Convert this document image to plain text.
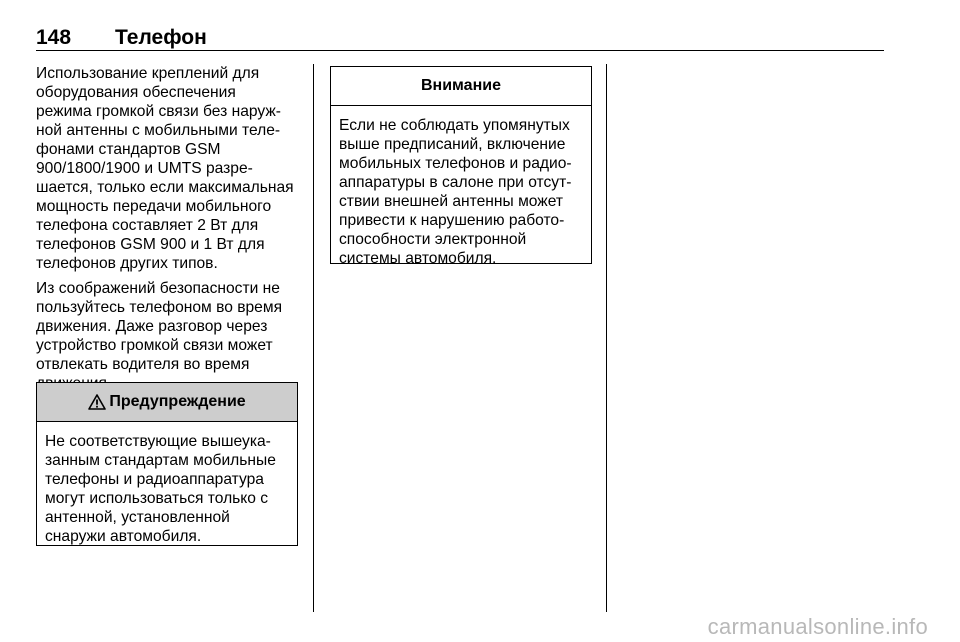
148 Телефон

Использование креплений для
оборудования обеспечения
режима громкой связи без наруж-
ной антенны с мобильными теле-
фонами стандартов GSM
900/1800/1900 и UMTS разре-
шается, только если максимальная
мощность передачи мобильного
телефона составляет 2 Вт для
телефонов GSM 900 и 1 Вт для
телефонов других типов.

Из соображений безопасности не
пользуйтесь телефоном во время
движения. Даже разговор через
устройство громкой связи может
отвлекать водителя во время

Предупреждение
Не соответствующие вышеука-
занным стандартам мобильные
телефоны и радиоаппаратура
могут использоваться только с
антенной, установленной
снаружи автомобиля.
Внимание
Если не соблюдать упомянутых
выше предписаний, включение
мобильных телефонов и радио-
аппаратуры в салоне при отсут-
ствии внешней антенны может
привести к нарушению работо-
способности электронной
системы автомобиля.
carmanualsonline.info
